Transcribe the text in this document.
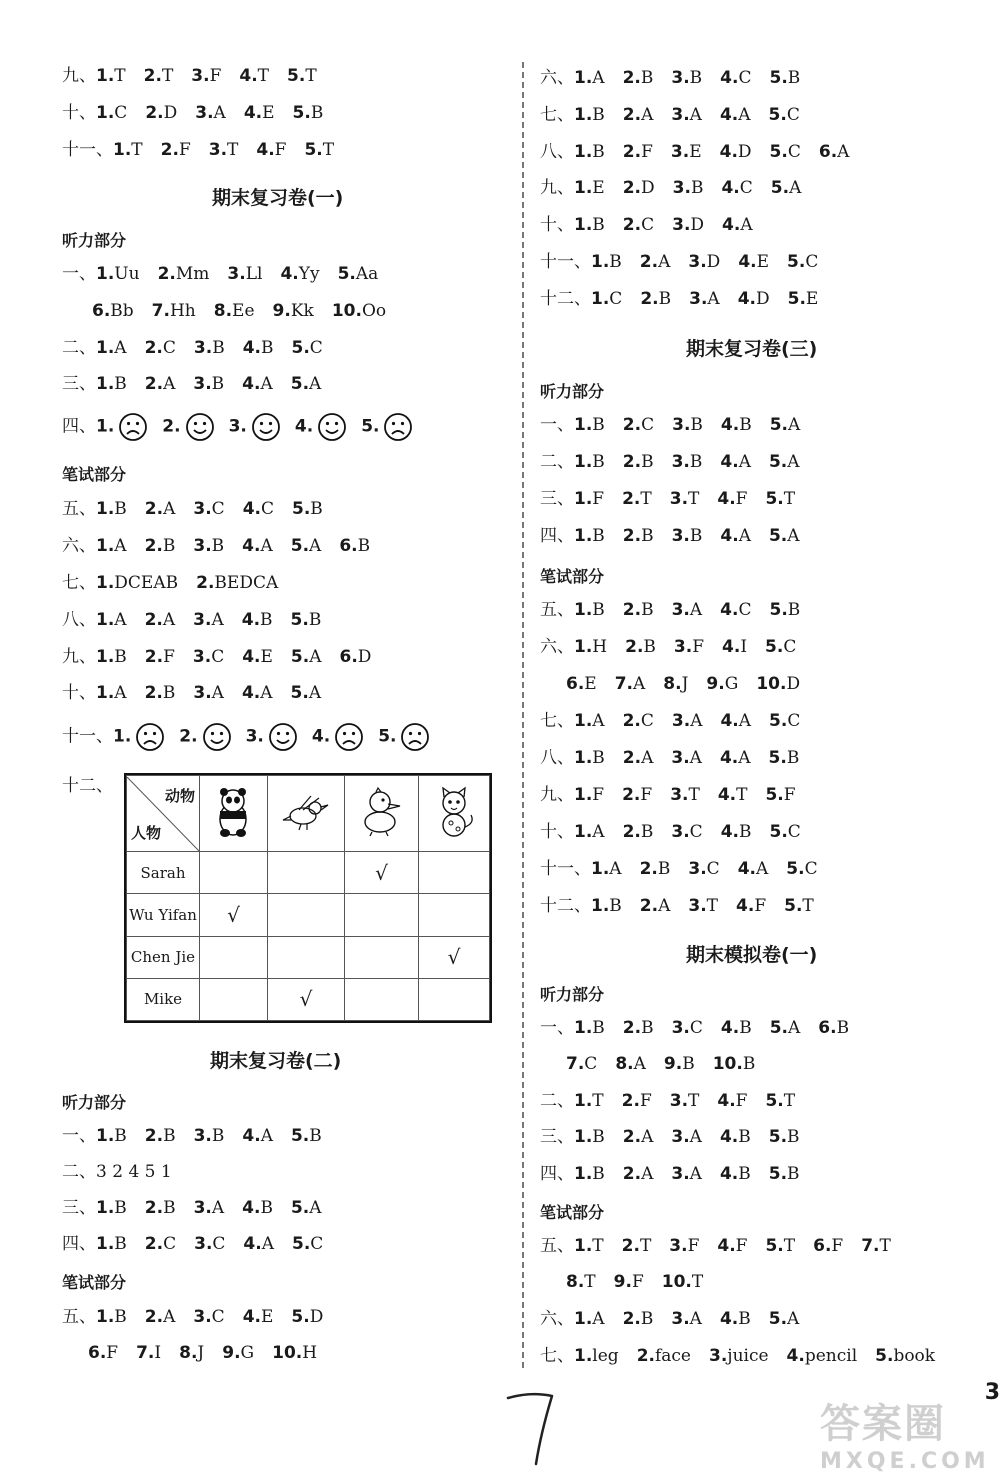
九、1.T 2.T 3.F 4.T 5.T
十、1.C 2.D 3.A 4.E 5.B
十一、1.T 2.F 3.T 4.F 5.T
期末复习卷(一)
听力部分
一、1.Uu 2.Mm 3.Ll 4.Yy 5.Aa
6.Bb 7.Hh 8.Ee 9.Kk 10.Oo
二、1.A 2.C 3.B 4.B 5.C
三、1.B 2.A 3.B 4.A 5.A
四、1.	2.	3.	4.	5.
笔试部分
五、1.B 2.A 3.C 4.C 5.B
六、1.A 2.B 3.B 4.A 5.A 6.B
七、1.DCEAB 2.BEDCA
八、1.A 2.A 3.A 4.B 5.B
九、1.B 2.F 3.C 4.E 5.A 6.D
十、1.A 2.B 3.A 4.A 5.A
十一、1.	2.	3.	4.	5.
十二、
期末复习卷(二)
听力部分
一、1.B 2.B 3.B 4.A 5.B
二、3 2 4 5 1
三、1.B 2.B 3.A 4.B 5.A
四、1.B 2.C 3.C 4.A 5.C
笔试部分
五、1.B 2.A 3.C 4.E 5.D
6.F 7.I 8.J 9.G 10.H
六、1.A 2.B 3.B 4.C 5.B
七、1.B 2.A 3.A 4.A 5.C
八、1.B 2.F 3.E 4.D 5.C 6.A
九、1.E 2.D 3.B 4.C 5.A
十、1.B 2.C 3.D 4.A
十一、1.B 2.A 3.D 4.E 5.C
十二、1.C 2.B 3.A 4.D 5.E
期末复习卷(三)
听力部分
一、1.B 2.C 3.B 4.B 5.A
二、1.B 2.B 3.B 4.A 5.A
三、1.F 2.T 3.T 4.F 5.T
四、1.B 2.B 3.B 4.A 5.A
笔试部分
五、1.B 2.B 3.A 4.C 5.B
六、1.H 2.B 3.F 4.I 5.C
6.E 7.A 8.J 9.G 10.D
七、1.A 2.C 3.A 4.A 5.C
八、1.B 2.A 3.A 4.A 5.B
九、1.F 2.F 3.T 4.T 5.F
十、1.A 2.B 3.C 4.B 5.C
十一、1.A 2.B 3.C 4.A 5.C
十二、1.B 2.A 3.T 4.F 5.T
期末模拟卷(一)
听力部分
一、1.B 2.B 3.C 4.B 5.A 6.B
7.C 8.A 9.B 10.B
二、1.T 2.F 3.T 4.F 5.T
三、1.B 2.A 3.A 4.B 5.B
四、1.B 2.A 3.A 4.B 5.B
笔试部分
五、1.T 2.T 3.F 4.F 5.T 6.F 7.T
8.T 9.F 10.T
六、1.A 2.B 3.A 4.B 5.A
七、1.leg 2.face 3.juice 4.pencil 5.book
3
答案圈
MXQE.COM
动物
人物

Sarah			√	
Wu Yifan	√			
Chen Jie				√
Mike		√		
